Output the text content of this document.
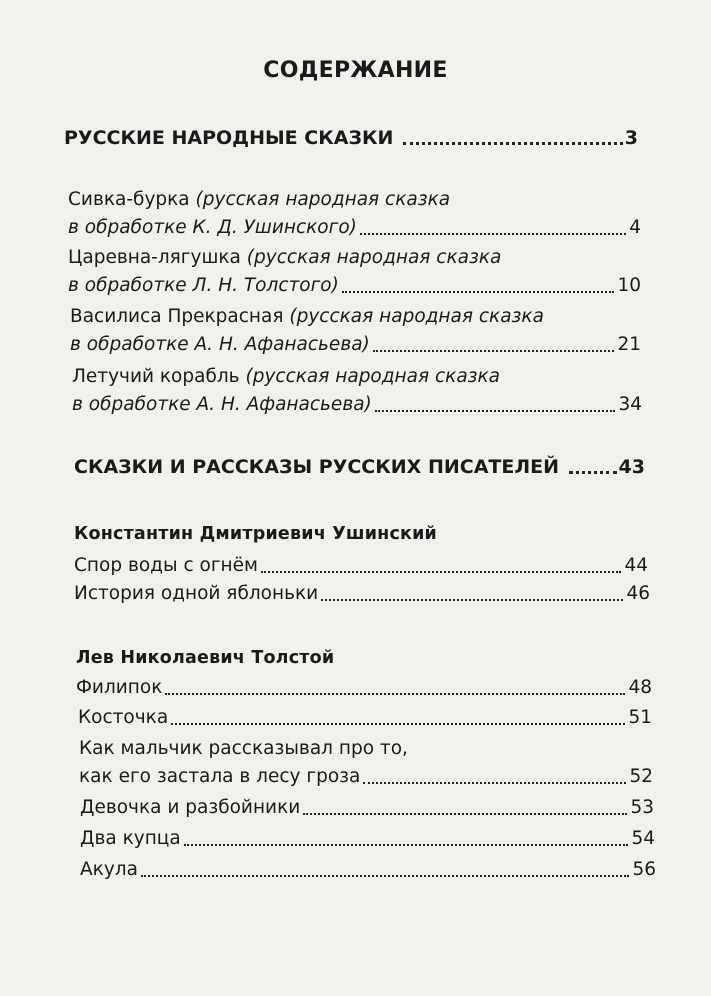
СОДЕРЖАНИЕ
РУССКИЕ НАРОДНЫЕ СКАЗКИ	3
Сивка-бурка (русская народная сказка
в обработке К. Д. Ушинского)	4
Царевна-лягушка (русская народная сказка
в обработке Л. Н. Толстого)	10
Василиса Прекрасная (русская народная сказка
в обработке А. Н. Афанасьева)	21
Летучий корабль (русская народная сказка
в обработке А. Н. Афанасьева)	34
СКАЗКИ И РАССКАЗЫ РУССКИХ ПИСАТЕЛЕЙ	43
Константин Дмитриевич Ушинский
Спор воды с огнём	44
История одной яблоньки	46
Лев Николаевич Толстой
Филипок	48
Косточка	51
Как мальчик рассказывал про то,
как его застала в лесу гроза	52
Девочка и разбойники	53
Два купца	54
Акула	56
